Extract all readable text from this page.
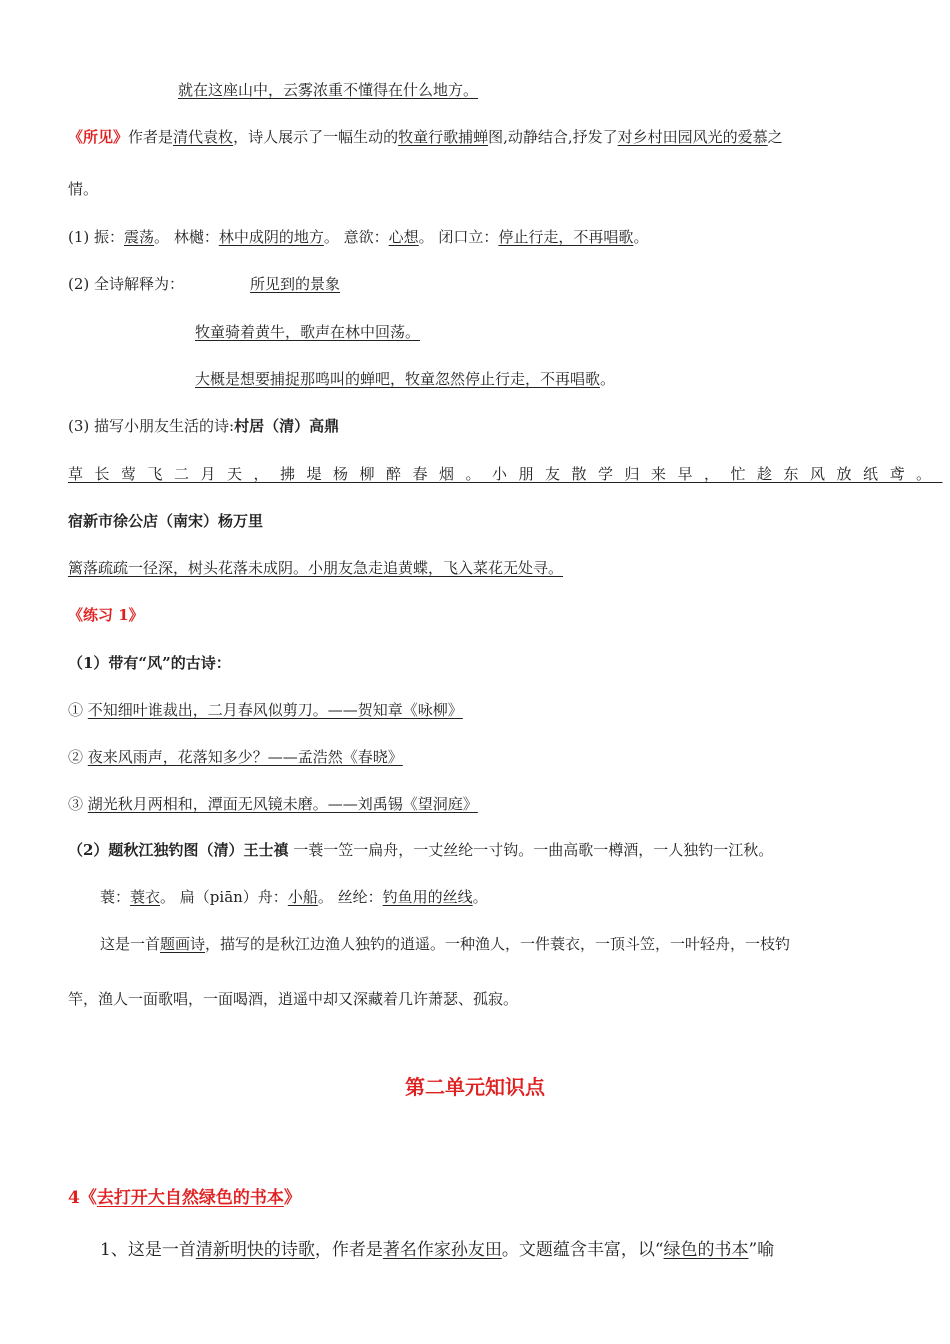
就在这座山中，云雾浓重不懂得在什么地方。
《所见》作者是清代袁枚，诗人展示了一幅生动的牧童行歌捕蝉图,动静结合,抒发了对乡村田园风光的爱慕之
情。
(1) 振：震荡。 林樾：林中成阴的地方。 意欲：心想。 闭口立：停止行走，不再唱歌。
(2) 全诗解释为：	所见到的景象
牧童骑着黄牛，歌声在林中回荡。
大概是想要捕捉那鸣叫的蝉吧，牧童忽然停止行走，不再唱歌。
(3) 描写小朋友生活的诗:村居（清）高鼎
草长莺飞二月天，拂堤杨柳醉春烟。小朋友散学归来早，忙趁东风放纸鸢。
宿新市徐公店（南宋）杨万里
篱落疏疏一径深，树头花落未成阴。小朋友急走追黄蝶，飞入菜花无处寻。
《练习 1》
（1）带有“风”的古诗：
① 不知细叶谁裁出，二月春风似剪刀。——贺知章《咏柳》
② 夜来风雨声，花落知多少？——孟浩然《春晓》
③ 湖光秋月两相和，潭面无风镜未磨。——刘禹锡《望洞庭》
（2）题秋江独钓图（清）王士禛 一蓑一笠一扁舟，一丈丝纶一寸钩。一曲高歌一樽酒，一人独钓一江秋。
蓑：蓑衣。 扁（piān）舟：小船。 丝纶：钓鱼用的丝线。
这是一首题画诗，描写的是秋江边渔人独钓的逍遥。一种渔人，一件蓑衣，一顶斗笠，一叶轻舟，一枝钓
竿，渔人一面歌唱，一面喝酒，逍遥中却又深藏着几许萧瑟、孤寂。
第二单元知识点
4《去打开大自然绿色的书本》
1、这是一首清新明快的诗歌，作者是著名作家孙友田。文题蕴含丰富，以“绿色的书本”喻
